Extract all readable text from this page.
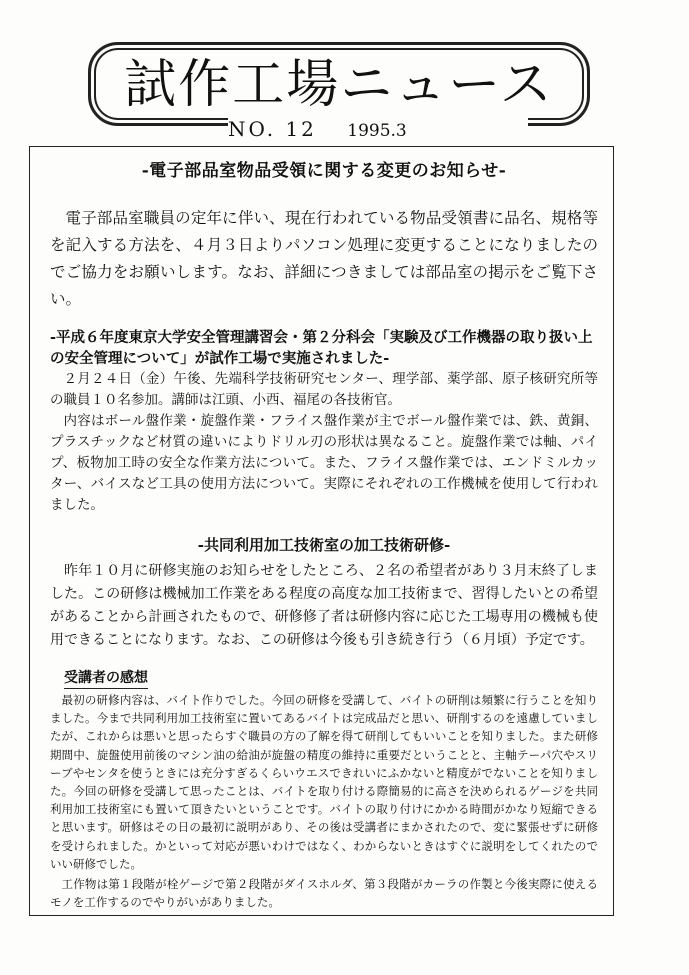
試作工場ニュース
NO. 12 1995.3
-電子部品室物品受領に関する変更のお知らせ-
電子部品室職員の定年に伴い、現在行われている物品受領書に品名、規格等を記入する方法を、４月３日よりパソコン処理に変更することになりましたのでご協力をお願いします。なお、詳細につきましては部品室の掲示をご覧下さい。
-平成６年度東京大学安全管理講習会・第２分科会「実験及び工作機器の取り扱い上の安全管理について」が試作工場で実施されました-
２月２４日（金）午後、先端科学技術研究センター、理学部、薬学部、原子核研究所等の職員１０名参加。講師は江頭、小西、福尾の各技術官。
内容はボール盤作業・旋盤作業・フライス盤作業が主でボール盤作業では、鉄、黄銅、プラスチックなど材質の違いによりドリル刃の形状は異なること。旋盤作業では軸、パイプ、板物加工時の安全な作業方法について。また、フライス盤作業では、エンドミルカッター、バイスなど工具の使用方法について。実際にそれぞれの工作機械を使用して行われました。
-共同利用加工技術室の加工技術研修-
昨年１０月に研修実施のお知らせをしたところ、２名の希望者があり３月末終了しました。この研修は機械加工作業をある程度の高度な加工技術まで、習得したいとの希望があることから計画されたもので、研修修了者は研修内容に応じた工場専用の機械も使用できることになります。なお、この研修は今後も引き続き行う（６月頃）予定です。
受講者の感想
最初の研修内容は、バイト作りでした。今回の研修を受講して、バイトの研削は頻繁に行うことを知りました。今まで共同利用加工技術室に置いてあるバイトは完成品だと思い、研削するのを遠慮していましたが、これからは悪いと思ったらすぐ職員の方の了解を得て研削してもいいことを知りました。また研修期間中、旋盤使用前後のマシン油の給油が旋盤の精度の維持に重要だということと、主軸テーパ穴やスリーブやセンタを使うときには充分すぎるくらいウエスできれいにふかないと精度がでないことを知りました。今回の研修を受講して思ったことは、バイトを取り付ける際簡易的に高さを決められるゲージを共同利用加工技術室にも置いて頂きたいということです。バイトの取り付けにかかる時間がかなり短縮できると思います。研修はその日の最初に説明があり、その後は受講者にまかされたので、変に緊張せずに研修を受けられました。かといって対応が悪いわけではなく、わからないときはすぐに説明をしてくれたのでいい研修でした。
工作物は第１段階が栓ゲージで第２段階がダイスホルダ、第３段階がカーラの作製と今後実際に使えるモノを工作するのでやりがいがありました。
